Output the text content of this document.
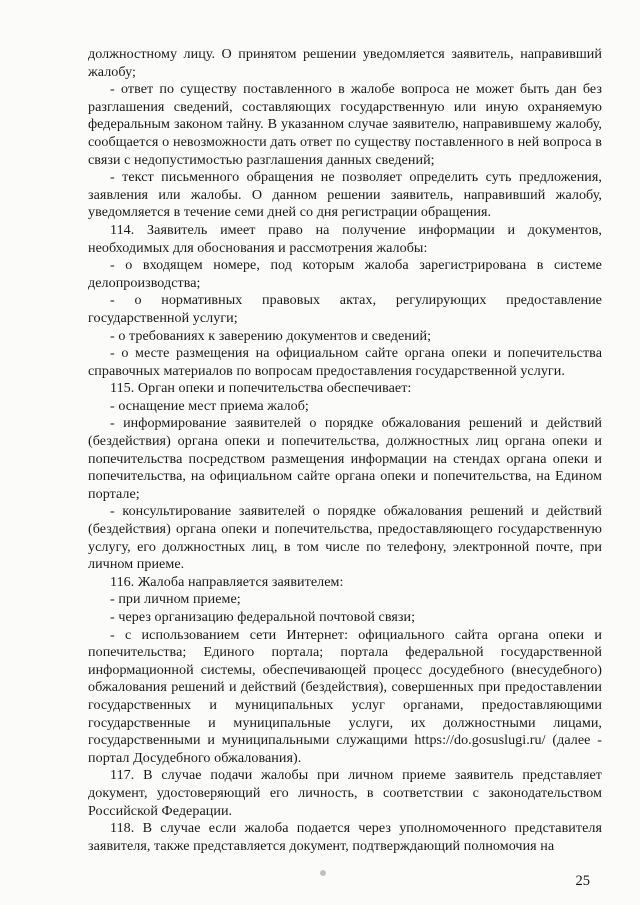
должностному лицу. О принятом решении уведомляется заявитель, направивший жалобу;

- ответ по существу поставленного в жалобе вопроса не может быть дан без разглашения сведений, составляющих государственную или иную охраняемую федеральным законом тайну. В указанном случае заявителю, направившему жалобу, сообщается о невозможности дать ответ по существу поставленного в ней вопроса в связи с недопустимостью разглашения данных сведений;

- текст письменного обращения не позволяет определить суть предложения, заявления или жалобы. О данном решении заявитель, направивший жалобу, уведомляется в течение семи дней со дня регистрации обращения.

114. Заявитель имеет право на получение информации и документов, необходимых для обоснования и рассмотрения жалобы:

- о входящем номере, под которым жалоба зарегистрирована в системе делопроизводства;

- о нормативных правовых актах, регулирующих предоставление государственной услуги;

- о требованиях к заверению документов и сведений;

- о месте размещения на официальном сайте органа опеки и попечительства справочных материалов по вопросам предоставления государственной услуги.

115. Орган опеки и попечительства обеспечивает:

- оснащение мест приема жалоб;

- информирование заявителей о порядке обжалования решений и действий (бездействия) органа опеки и попечительства, должностных лиц органа опеки и попечительства посредством размещения информации на стендах органа опеки и попечительства, на официальном сайте органа опеки и попечительства, на Едином портале;

- консультирование заявителей о порядке обжалования решений и действий (бездействия) органа опеки и попечительства, предоставляющего государственную услугу, его должностных лиц, в том числе по телефону, электронной почте, при личном приеме.

116. Жалоба направляется заявителем:

- при личном приеме;

- через организацию федеральной почтовой связи;

- с использованием сети Интернет: официального сайта органа опеки и попечительства; Единого портала; портала федеральной государственной информационной системы, обеспечивающей процесс досудебного (внесудебного) обжалования решений и действий (бездействия), совершенных при предоставлении государственных и муниципальных услуг органами, предоставляющими государственные и муниципальные услуги, их должностными лицами, государственными и муниципальными служащими https://do.gosuslugi.ru/ (далее - портал Досудебного обжалования).

117. В случае подачи жалобы при личном приеме заявитель представляет документ, удостоверяющий его личность, в соответствии с законодательством Российской Федерации.

118. В случае если жалоба подается через уполномоченного представителя заявителя, также представляется документ, подтверждающий полномочия на

25
